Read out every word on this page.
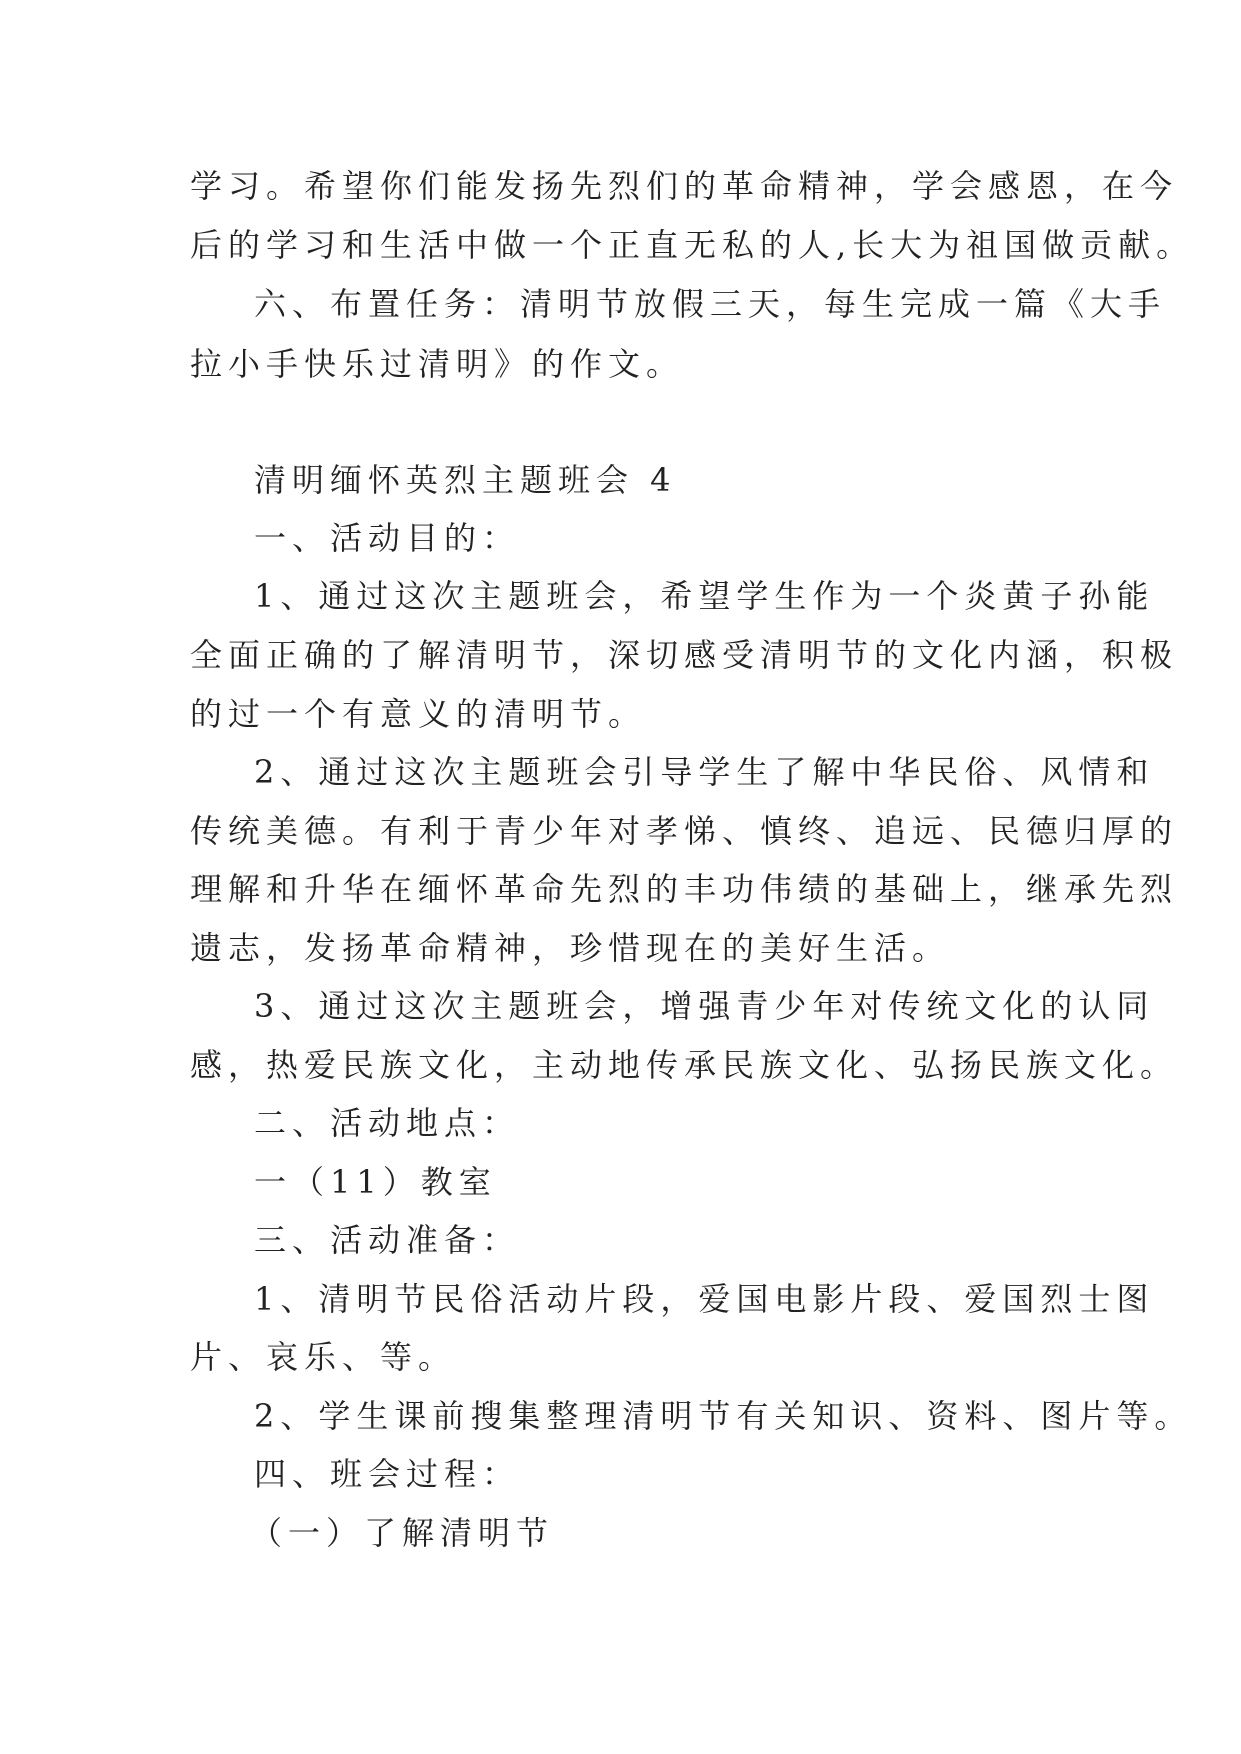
学习。希望你们能发扬先烈们的革命精神，学会感恩，在今
后的学习和生活中做一个正直无私的人,长大为祖国做贡献。
六、布置任务：清明节放假三天，每生完成一篇《大手
拉小手快乐过清明》的作文。
清明缅怀英烈主题班会 4
一、活动目的：
1、通过这次主题班会，希望学生作为一个炎黄子孙能
全面正确的了解清明节，深切感受清明节的文化内涵，积极
的过一个有意义的清明节。
2、通过这次主题班会引导学生了解中华民俗、风情和
传统美德。有利于青少年对孝悌、慎终、追远、民德归厚的
理解和升华在缅怀革命先烈的丰功伟绩的基础上，继承先烈
遗志，发扬革命精神，珍惜现在的美好生活。
3、通过这次主题班会，增强青少年对传统文化的认同
感，热爱民族文化，主动地传承民族文化、弘扬民族文化。
二、活动地点：
一（11）教室
三、活动准备：
1、清明节民俗活动片段，爱国电影片段、爱国烈士图
片、哀乐、等。
2、学生课前搜集整理清明节有关知识、资料、图片等。
四、班会过程：
（一）了解清明节
